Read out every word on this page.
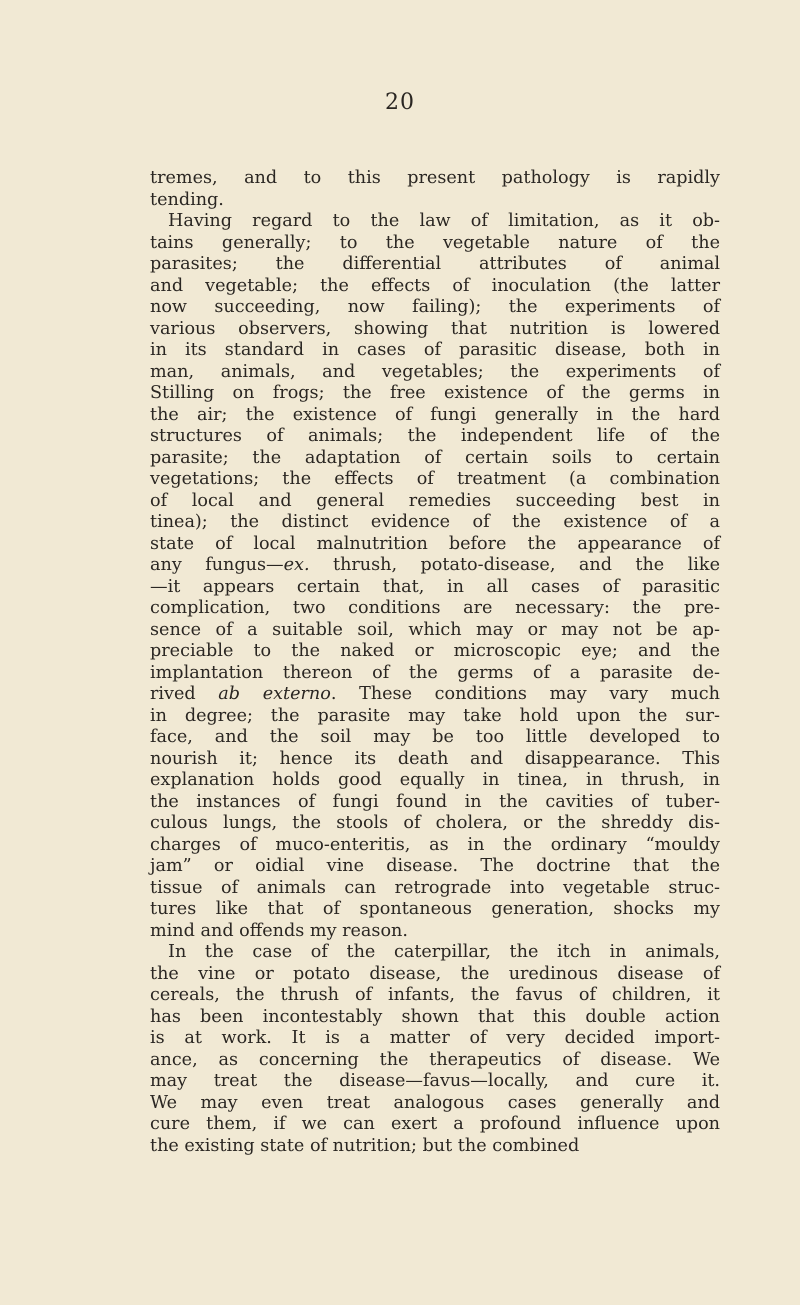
20
tremes, and to this present pathology is rapidly
tending.
Having regard to the law of limitation, as it ob-
tains generally; to the vegetable nature of the
parasites; the differential attributes of animal
and vegetable; the effects of inoculation (the latter
now succeeding, now failing); the experiments of
various observers, showing that nutrition is lowered
in its standard in cases of parasitic disease, both in
man, animals, and vegetables; the experiments of
Stilling on frogs; the free existence of the germs in
the air; the existence of fungi generally in the hard
structures of animals; the independent life of the
parasite; the adaptation of certain soils to certain
vegetations; the effects of treatment (a combination
of local and general remedies succeeding best in
tinea); the distinct evidence of the existence of a
state of local malnutrition before the appearance of
any fungus—ex. thrush, potato-disease, and the like
—it appears certain that, in all cases of parasitic
complication, two conditions are necessary: the pre-
sence of a suitable soil, which may or may not be ap-
preciable to the naked or microscopic eye; and the
implantation thereon of the germs of a parasite de-
rived ab externo. These conditions may vary much
in degree; the parasite may take hold upon the sur-
face, and the soil may be too little developed to
nourish it; hence its death and disappearance. This
explanation holds good equally in tinea, in thrush, in
the instances of fungi found in the cavities of tuber-
culous lungs, the stools of cholera, or the shreddy dis-
charges of muco-enteritis, as in the ordinary “mouldy
jam” or oidial vine disease. The doctrine that the
tissue of animals can retrograde into vegetable struc-
tures like that of spontaneous generation, shocks my
mind and offends my reason.
In the case of the caterpillar, the itch in animals,
the vine or potato disease, the uredinous disease of
cereals, the thrush of infants, the favus of children, it
has been incontestably shown that this double action
is at work. It is a matter of very decided import-
ance, as concerning the therapeutics of disease. We
may treat the disease—favus—locally, and cure it.
We may even treat analogous cases generally and
cure them, if we can exert a profound influence upon
the existing state of nutrition; but the combined
